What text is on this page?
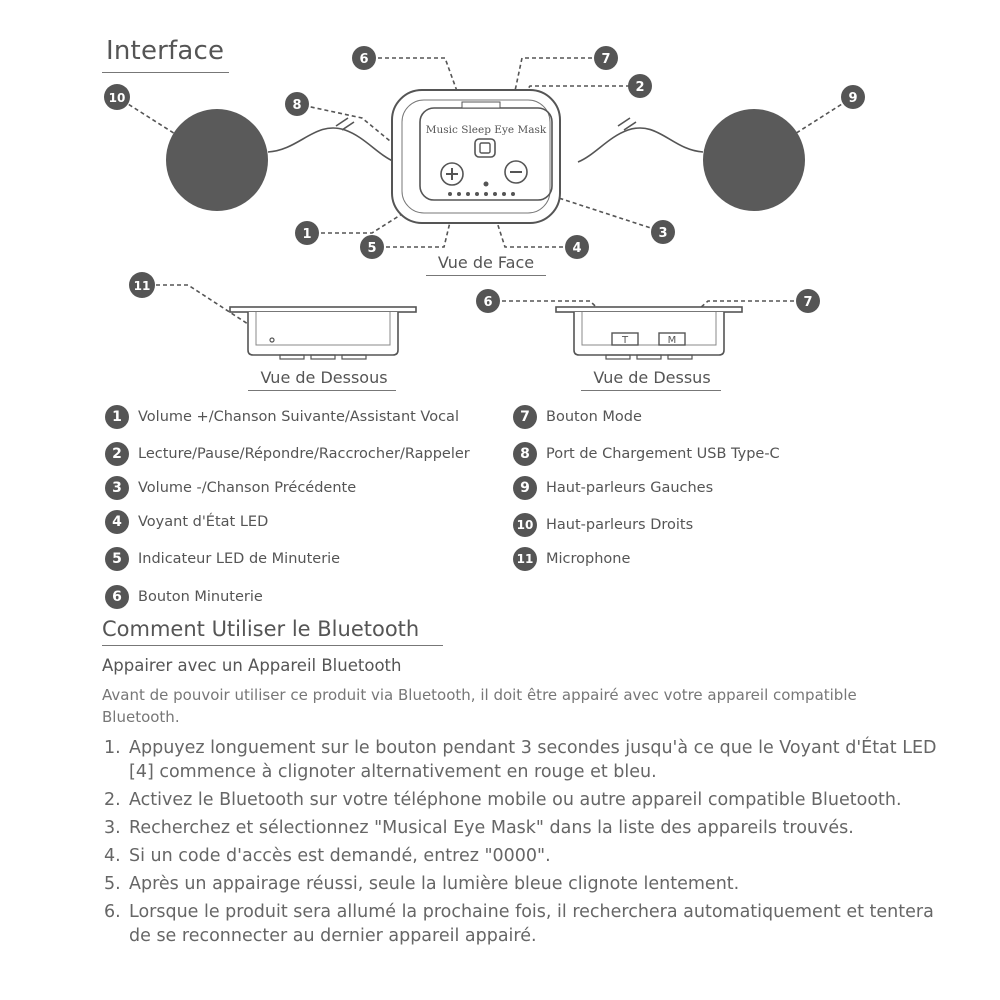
Interface
Music Sleep Eye Mask
T	M
6	7
2
8
10	9
1
5	4
3
11
6	7
Vue de Face
Vue de Dessous	Vue de Dessus
1	Volume +/Chanson Suivante/Assistant Vocal
2	Lecture/Pause/Répondre/Raccrocher/Rappeler
3	Volume -/Chanson Précédente
4	Voyant d'État LED
5	Indicateur LED de Minuterie
6	Bouton Minuterie
7	Bouton Mode
8	Port de Chargement USB Type-C
9	Haut-parleurs Gauches
10 Haut-parleurs Droits
11 Microphone
Comment Utiliser le Bluetooth
Appairer avec un Appareil Bluetooth
Avant de pouvoir utiliser ce produit via Bluetooth, il doit être appairé avec votre appareil compatible Bluetooth.
1. Appuyez longuement sur le bouton pendant 3 secondes jusqu'à ce que le Voyant d'État LED [4] commence à clignoter alternativement en rouge et bleu.
2. Activez le Bluetooth sur votre téléphone mobile ou autre appareil compatible Bluetooth.
3. Recherchez et sélectionnez "Musical Eye Mask" dans la liste des appareils trouvés.
4. Si un code d'accès est demandé, entrez "0000".
5. Après un appairage réussi, seule la lumière bleue clignote lentement.
6. Lorsque le produit sera allumé la prochaine fois, il recherchera automatiquement et tentera de se reconnecter au dernier appareil appairé.
